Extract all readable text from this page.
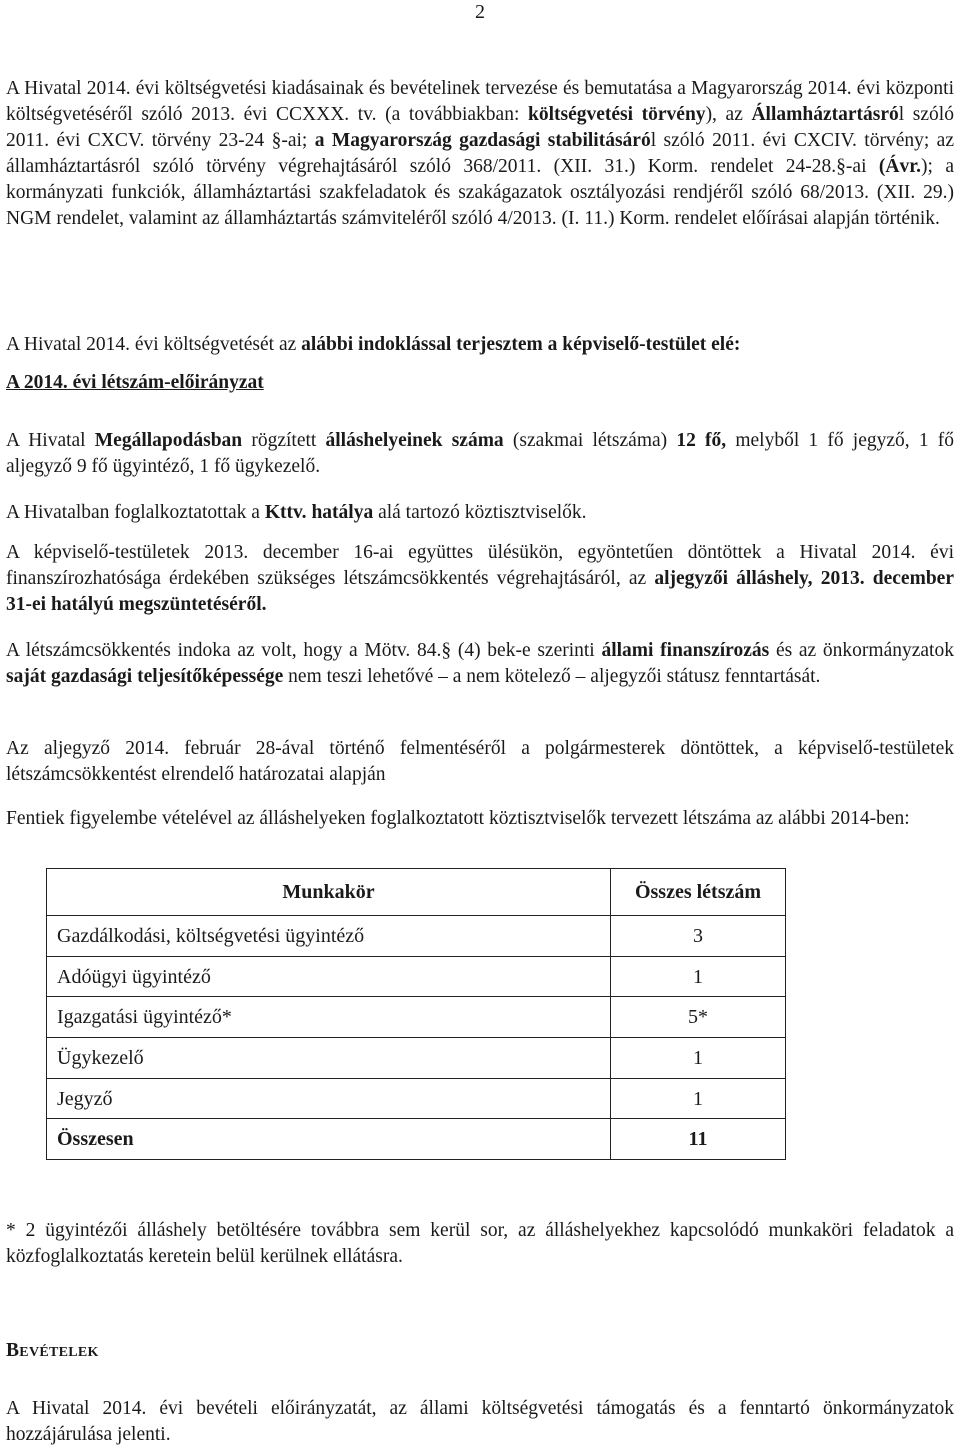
2

A Hivatal 2014. évi költségvetési kiadásainak és bevételinek tervezése és bemutatása a Magyarország 2014. évi központi költségvetéséről szóló 2013. évi CCXXX. tv. (a továbbiakban: költségvetési törvény), az Államháztartásról szóló 2011. évi CXCV. törvény 23-24 §-ai; a Magyarország gazdasági stabilitásáról szóló 2011. évi CXCIV. törvény; az államháztartásról szóló törvény végrehajtásáról szóló 368/2011. (XII. 31.) Korm. rendelet 24-28.§-ai (Ávr.); a kormányzati funkciók, államháztartási szakfeladatok és szakágazatok osztályozási rendjéről szóló 68/2013. (XII. 29.) NGM rendelet, valamint az államháztartás számviteléről szóló 4/2013. (I. 11.) Korm. rendelet előírásai alapján történik.

A Hivatal 2014. évi költségvetését az alábbi indoklással terjesztem a képviselő-testület elé:

A 2014. évi létszám-előirányzat

A Hivatal Megállapodásban rögzített álláshelyeinek száma (szakmai létszáma) 12 fő, melyből 1 fő jegyző, 1 fő aljegyző 9 fő ügyintéző, 1 fő ügykezelő.

A Hivatalban foglalkoztatottak a Kttv. hatálya alá tartozó köztisztviselők.

A képviselő-testületek 2013. december 16-ai együttes ülésükön, egyöntetűen döntöttek a Hivatal 2014. évi finanszírozhatósága érdekében szükséges létszámcsökkentés végrehajtásáról, az aljegyzői álláshely, 2013. december 31-ei hatályú megszüntetéséről.

A létszámcsökkentés indoka az volt, hogy a Mötv. 84.§ (4) bek-e szerinti állami finanszírozás és az önkormányzatok saját gazdasági teljesítőképessége nem teszi lehetővé – a nem kötelező – aljegyzői státusz fenntartását.

Az aljegyző 2014. február 28-ával történő felmentéséről a polgármesterek döntöttek, a képviselő-testületek létszámcsökkentést elrendelő határozatai alapján

Fentiek figyelembe vételével az álláshelyeken foglalkoztatott köztisztviselők tervezett létszáma az alábbi 2014-ben:

Munkakör	Összes létszám
Gazdálkodási, költségvetési ügyintéző	3
Adóügyi ügyintéző	1
Igazgatási ügyintéző*	5*
Ügykezelő	1
Jegyző	1
Összesen	11

* 2 ügyintézői álláshely betöltésére továbbra sem kerül sor, az álláshelyekhez kapcsolódó munkaköri feladatok a közfoglalkoztatás keretein belül kerülnek ellátásra.

Bevételek

A Hivatal 2014. évi bevételi előirányzatát, az állami költségvetési támogatás és a fenntartó önkormányzatok hozzájárulása jelenti.
